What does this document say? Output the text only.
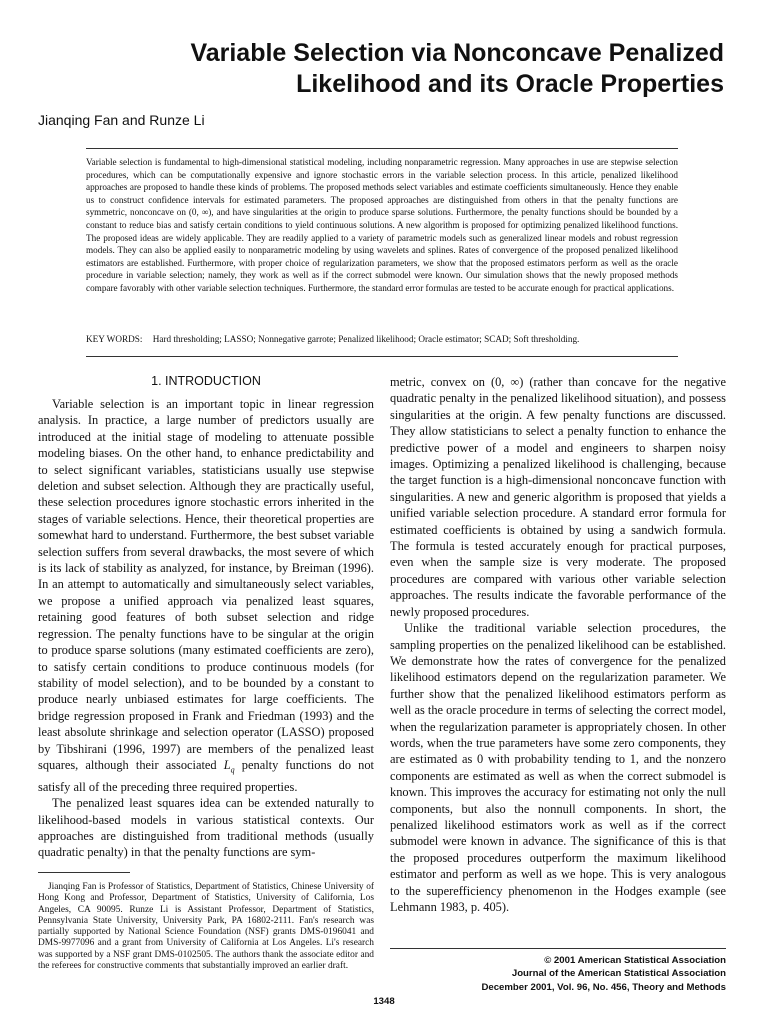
Variable Selection via Nonconcave Penalized Likelihood and its Oracle Properties
Jianqing Fan and Runze Li

Variable selection is fundamental to high-dimensional statistical modeling, including nonparametric regression. Many approaches in use are stepwise selection procedures, which can be computationally expensive and ignore stochastic errors in the variable selection process. In this article, penalized likelihood approaches are proposed to handle these kinds of problems. The proposed methods select variables and estimate coefficients simultaneously. Hence they enable us to construct confidence intervals for estimated parameters. The proposed approaches are distinguished from others in that the penalty functions are symmetric, nonconcave on (0, ∞), and have singularities at the origin to produce sparse solutions. Furthermore, the penalty functions should be bounded by a constant to reduce bias and satisfy certain conditions to yield continuous solutions. A new algorithm is proposed for optimizing penalized likelihood functions. The proposed ideas are widely applicable. They are readily applied to a variety of parametric models such as generalized linear models and robust regression models. They can also be applied easily to nonparametric modeling by using wavelets and splines. Rates of convergence of the proposed penalized likelihood estimators are established. Furthermore, with proper choice of regularization parameters, we show that the proposed estimators perform as well as the oracle procedure in variable selection; namely, they work as well as if the correct submodel were known. Our simulation shows that the newly proposed methods compare favorably with other variable selection techniques. Furthermore, the standard error formulas are tested to be accurate enough for practical applications.

KEY WORDS: Hard thresholding; LASSO; Nonnegative garrote; Penalized likelihood; Oracle estimator; SCAD; Soft thresholding.
1. INTRODUCTION

Variable selection is an important topic in linear regression analysis. In practice, a large number of predictors usually are introduced at the initial stage of modeling to attenuate possible modeling biases. On the other hand, to enhance predictability and to select significant variables, statisticians usually use stepwise deletion and subset selection. Although they are practically useful, these selection procedures ignore stochastic errors inherited in the stages of variable selections. Hence, their theoretical properties are somewhat hard to understand. Furthermore, the best subset variable selection suffers from several drawbacks, the most severe of which is its lack of stability as analyzed, for instance, by Breiman (1996). In an attempt to automatically and simultaneously select variables, we propose a unified approach via penalized least squares, retaining good features of both subset selection and ridge regression. The penalty functions have to be singular at the origin to produce sparse solutions (many estimated coefficients are zero), to satisfy certain conditions to produce continuous models (for stability of model selection), and to be bounded by a constant to produce nearly unbiased estimates for large coefficients. The bridge regression proposed in Frank and Friedman (1993) and the least absolute shrinkage and selection operator (LASSO) proposed by Tibshirani (1996, 1997) are members of the penalized least squares, although their associated $L_q$ penalty functions do not satisfy all of the preceding three required properties.

The penalized least squares idea can be extended naturally to likelihood-based models in various statistical contexts. Our approaches are distinguished from traditional methods (usually quadratic penalty) in that the penalty functions are sym-

metric, convex on (0, ∞) (rather than concave for the negative quadratic penalty in the penalized likelihood situation), and possess singularities at the origin. A few penalty functions are discussed. They allow statisticians to select a penalty function to enhance the predictive power of a model and engineers to sharpen noisy images. Optimizing a penalized likelihood is challenging, because the target function is a high-dimensional nonconcave function with singularities. A new and generic algorithm is proposed that yields a unified variable selection procedure. A standard error formula for estimated coefficients is obtained by using a sandwich formula. The formula is tested accurately enough for practical purposes, even when the sample size is very moderate. The proposed procedures are compared with various other variable selection approaches. The results indicate the favorable performance of the newly proposed procedures.

Unlike the traditional variable selection procedures, the sampling properties on the penalized likelihood can be established. We demonstrate how the rates of convergence for the penalized likelihood estimators depend on the regularization parameter. We further show that the penalized likelihood estimators perform as well as the oracle procedure in terms of selecting the correct model, when the regularization parameter is appropriately chosen. In other words, when the true parameters have some zero components, they are estimated as 0 with probability tending to 1, and the nonzero components are estimated as well as when the correct submodel is known. This improves the accuracy for estimating not only the null components, but also the nonnull components. In short, the penalized likelihood estimators work as well as if the correct submodel were known in advance. The significance of this is that the proposed procedures outperform the maximum likelihood estimator and perform as well as we hope. This is very analogous to the superefficiency phenomenon in the Hodges example (see Lehmann 1983, p. 405).

Jianqing Fan is Professor of Statistics, Department of Statistics, Chinese University of Hong Kong and Professor, Department of Statistics, University of California, Los Angeles, CA 90095. Runze Li is Assistant Professor, Department of Statistics, Pennsylvania State University, University Park, PA 16802-2111. Fan's research was partially supported by National Science Foundation (NSF) grants DMS-0196041 and DMS-9977096 and a grant from University of California at Los Angeles. Li's research was supported by a NSF grant DMS-0102505. The authors thank the associate editor and the referees for constructive comments that substantially improved an earlier draft.

© 2001 American Statistical Association
Journal of the American Statistical Association
December 2001, Vol. 96, No. 456, Theory and Methods
1348
